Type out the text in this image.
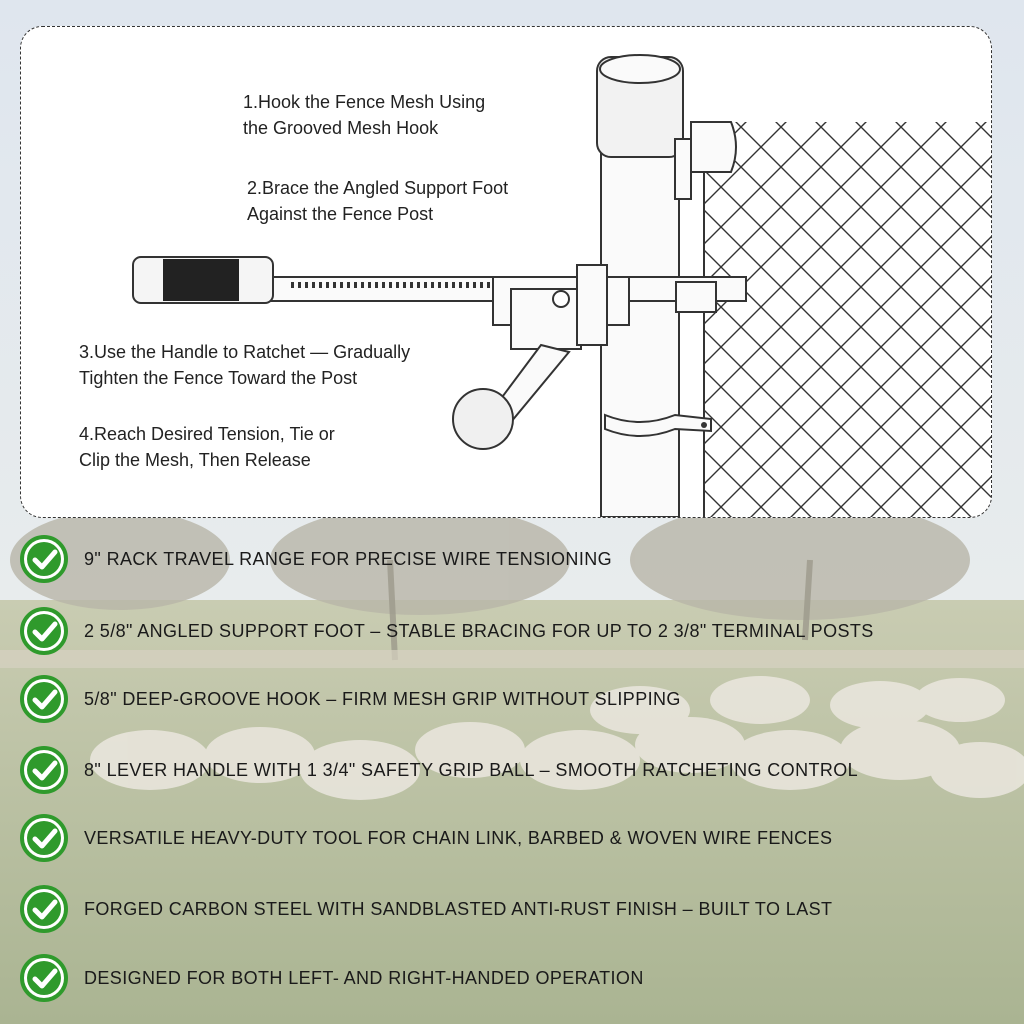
1.Hook the Fence Mesh Using
the Grooved Mesh Hook
2.Brace the Angled Support Foot
Against the Fence Post
3.Use the Handle to Ratchet — Gradually
Tighten the Fence Toward the Post
4.Reach Desired Tension, Tie or
Clip the Mesh, Then Release
9" RACK TRAVEL RANGE FOR PRECISE WIRE TENSIONING
2 5/8" ANGLED SUPPORT FOOT – STABLE BRACING FOR UP TO 2 3/8" TERMINAL POSTS
5/8" DEEP-GROOVE HOOK – FIRM MESH GRIP WITHOUT SLIPPING
8" LEVER HANDLE WITH 1 3/4" SAFETY GRIP BALL – SMOOTH RATCHETING CONTROL
VERSATILE HEAVY-DUTY TOOL FOR CHAIN LINK, BARBED & WOVEN WIRE FENCES
FORGED CARBON STEEL WITH SANDBLASTED ANTI-RUST FINISH – BUILT TO LAST
DESIGNED FOR BOTH LEFT- AND RIGHT-HANDED OPERATION
